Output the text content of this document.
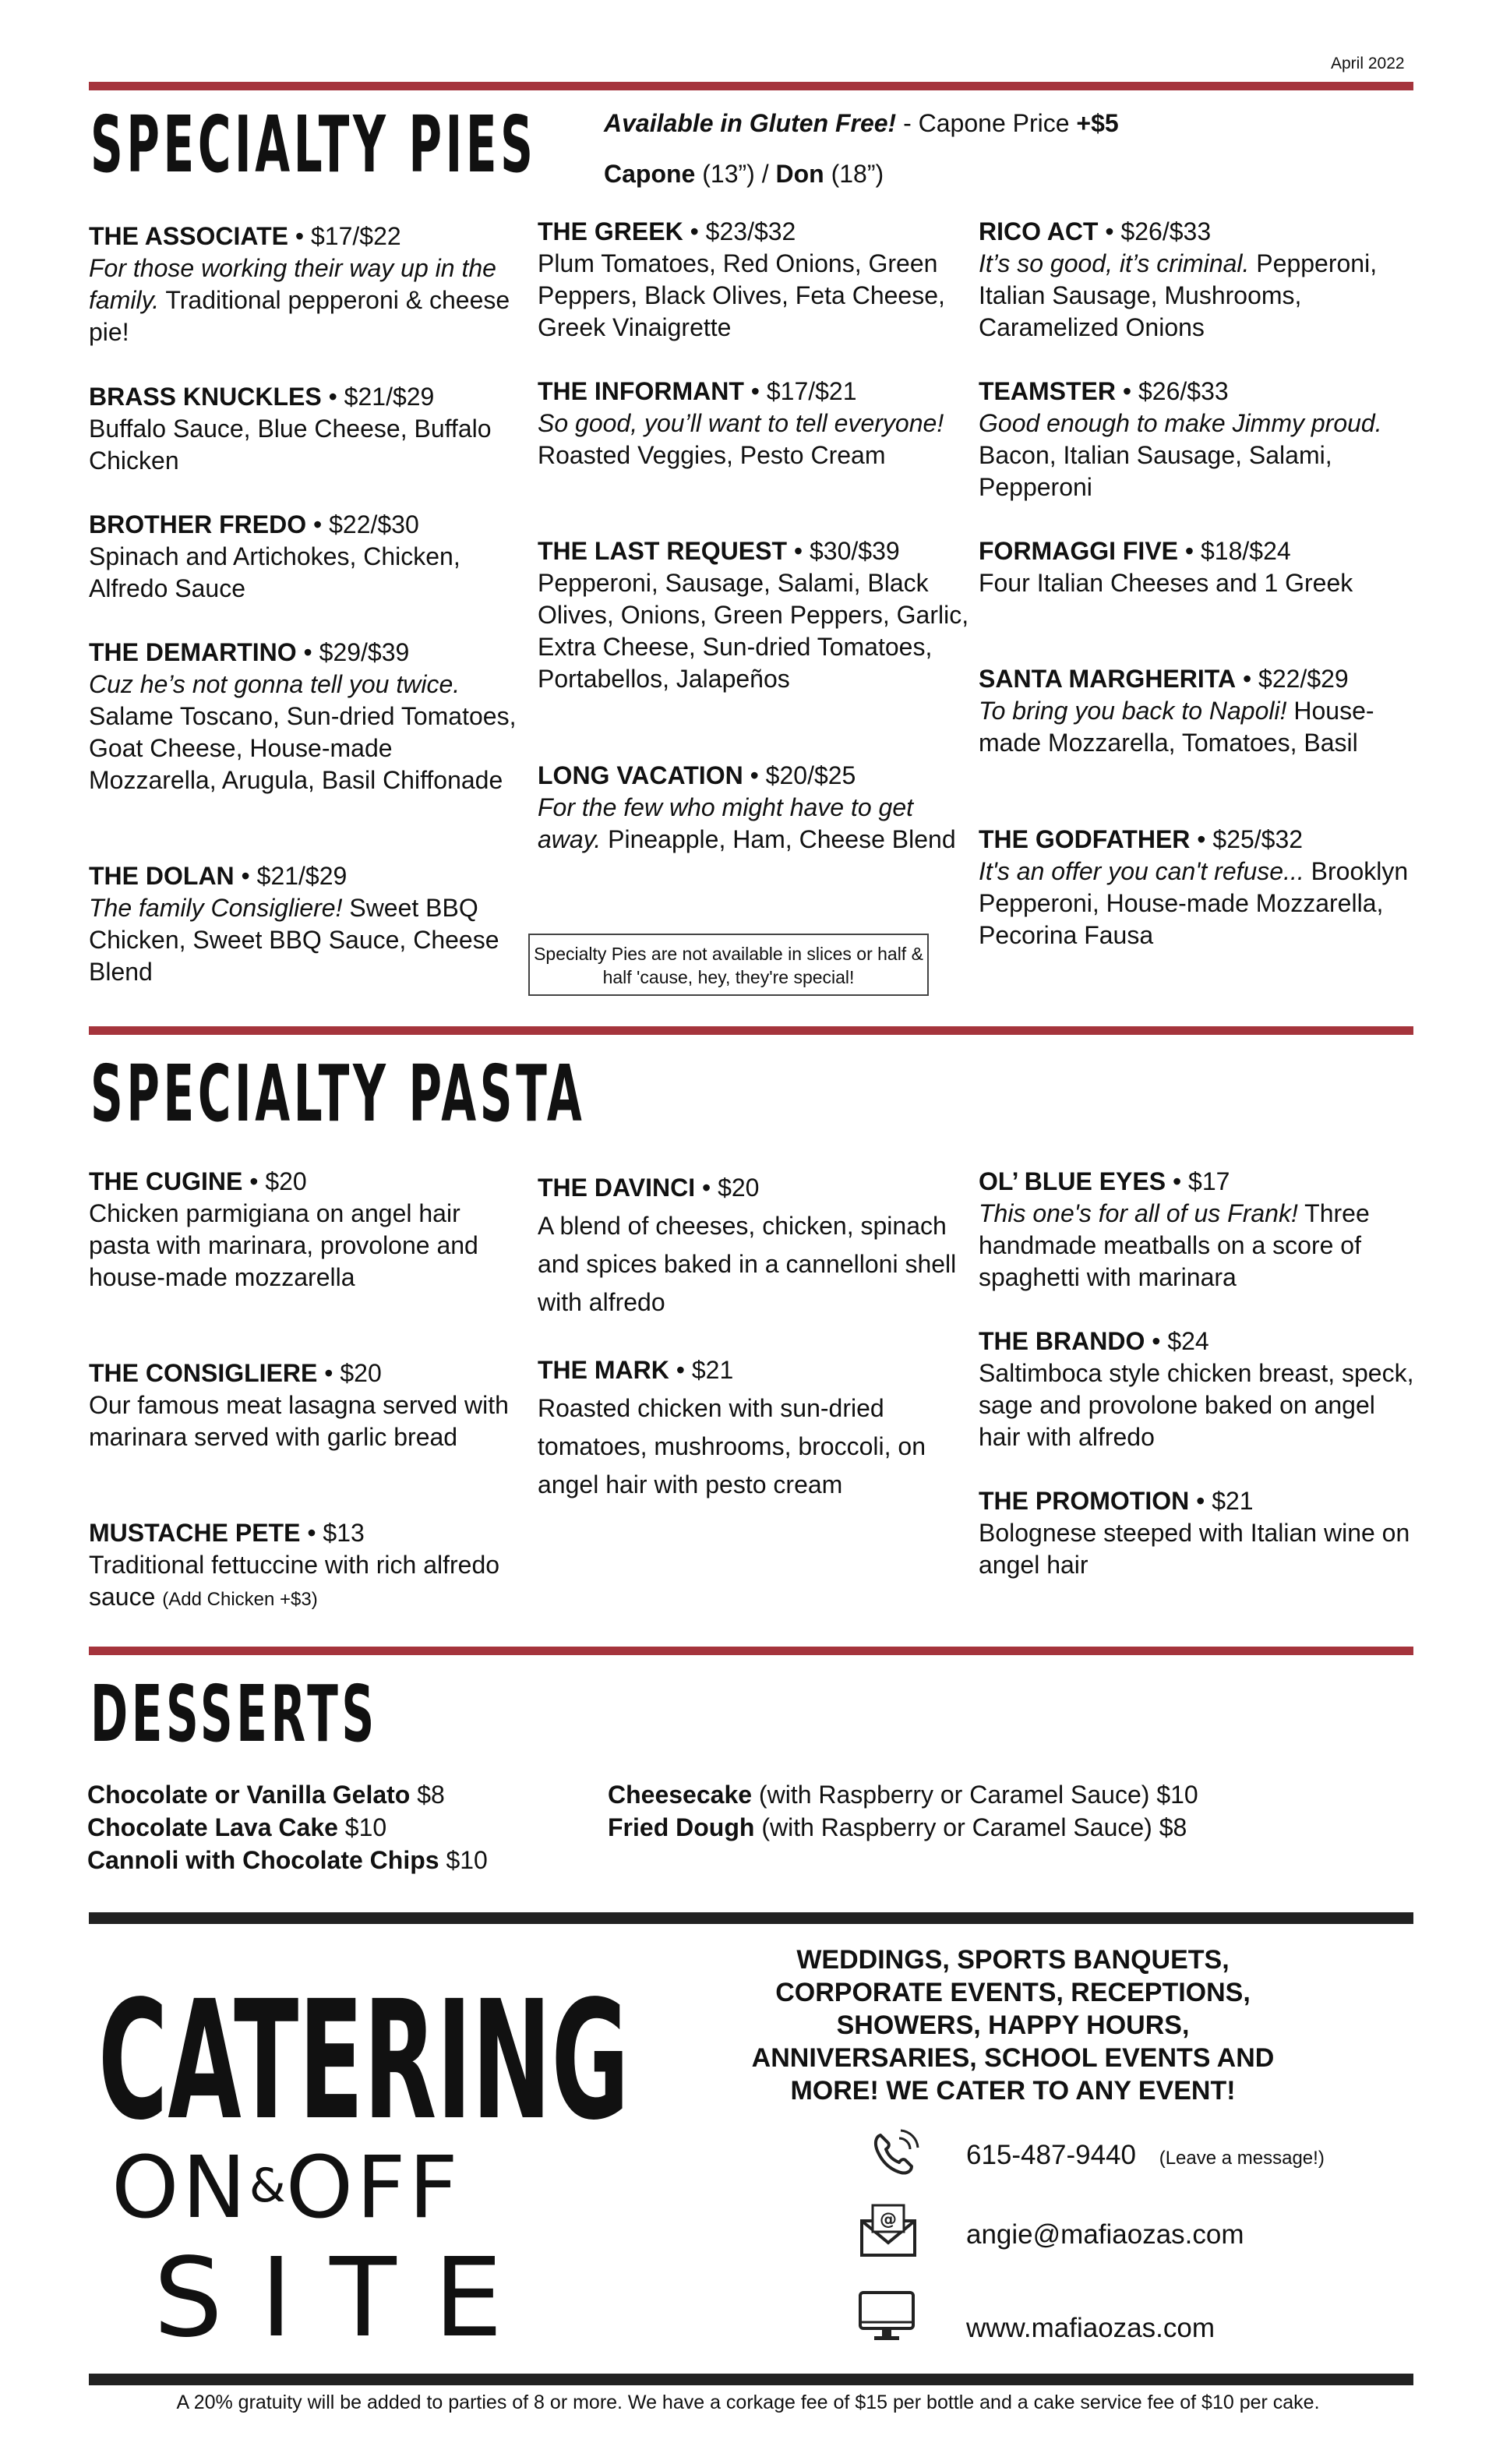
April 2022
SPECIALTY PIES	Available in Gluten Free! - Capone Price +$5
Capone (13”) / Don (18”)
THE ASSOCIATE • $17/$22
For those working their way up in the family. Traditional pepperoni & cheese pie!
BRASS KNUCKLES • $21/$29
Buffalo Sauce, Blue Cheese, Buffalo Chicken
BROTHER FREDO • $22/$30
Spinach and Artichokes, Chicken, Alfredo Sauce
THE DEMARTINO • $29/$39
Cuz he’s not gonna tell you twice. Salame Toscano, Sun-dried Tomatoes, Goat Cheese, House-made Mozzarella, Arugula, Basil Chiffonade
THE DOLAN • $21/$29
The family Consigliere! Sweet BBQ Chicken, Sweet BBQ Sauce, Cheese Blend
THE GREEK • $23/$32
Plum Tomatoes, Red Onions, Green Peppers, Black Olives, Feta Cheese, Greek Vinaigrette
THE INFORMANT • $17/$21
So good, you’ll want to tell everyone! Roasted Veggies, Pesto Cream
THE LAST REQUEST • $30/$39
Pepperoni, Sausage, Salami, Black Olives, Onions, Green Peppers, Garlic, Extra Cheese, Sun-dried Tomatoes, Portabellos, Jalapeños
LONG VACATION • $20/$25
For the few who might have to get away. Pineapple, Ham, Cheese Blend
Specialty Pies are not available in slices or half & half 'cause, hey, they're special!
RICO ACT • $26/$33
It’s so good, it’s criminal. Pepperoni, Italian Sausage, Mushrooms, Caramelized Onions
TEAMSTER • $26/$33
Good enough to make Jimmy proud. Bacon, Italian Sausage, Salami, Pepperoni
FORMAGGI FIVE • $18/$24
Four Italian Cheeses and 1 Greek
SANTA MARGHERITA • $22/$29
To bring you back to Napoli! House-made Mozzarella, Tomatoes, Basil
THE GODFATHER • $25/$32
It's an offer you can't refuse... Brooklyn Pepperoni, House-made Mozzarella, Pecorina Fausa
SPECIALTY PASTA
THE CUGINE • $20
Chicken parmigiana on angel hair pasta with marinara, provolone and house-made mozzarella
THE CONSIGLIERE • $20
Our famous meat lasagna served with marinara served with garlic bread
MUSTACHE PETE • $13
Traditional fettuccine with rich alfredo sauce (Add Chicken +$3)
THE DAVINCI • $20
A blend of cheeses, chicken, spinach and spices baked in a cannelloni shell with alfredo
THE MARK • $21
Roasted chicken with sun-dried tomatoes, mushrooms, broccoli, on angel hair with pesto cream
OL’ BLUE EYES • $17
This one's for all of us Frank! Three handmade meatballs on a score of spaghetti with marinara
THE BRANDO • $24
Saltimboca style chicken breast, speck, sage and provolone baked on angel hair with alfredo
THE PROMOTION • $21
Bolognese steeped with Italian wine on angel hair
DESSERTS
Chocolate or Vanilla Gelato $8
Chocolate Lava Cake $10
Cannoli with Chocolate Chips $10
Cheesecake (with Raspberry or Caramel Sauce) $10
Fried Dough (with Raspberry or Caramel Sauce) $8
CATERING
ON&OFF
SITE
WEDDINGS, SPORTS BANQUETS,
CORPORATE EVENTS, RECEPTIONS,
SHOWERS, HAPPY HOURS,
ANNIVERSARIES, SCHOOL EVENTS AND
MORE! WE CATER TO ANY EVENT!
615-487-9440 (Leave a message!)
@	angie@mafiaozas.com
www.mafiaozas.com
A 20% gratuity will be added to parties of 8 or more. We have a corkage fee of $15 per bottle and a cake service fee of $10 per cake.
